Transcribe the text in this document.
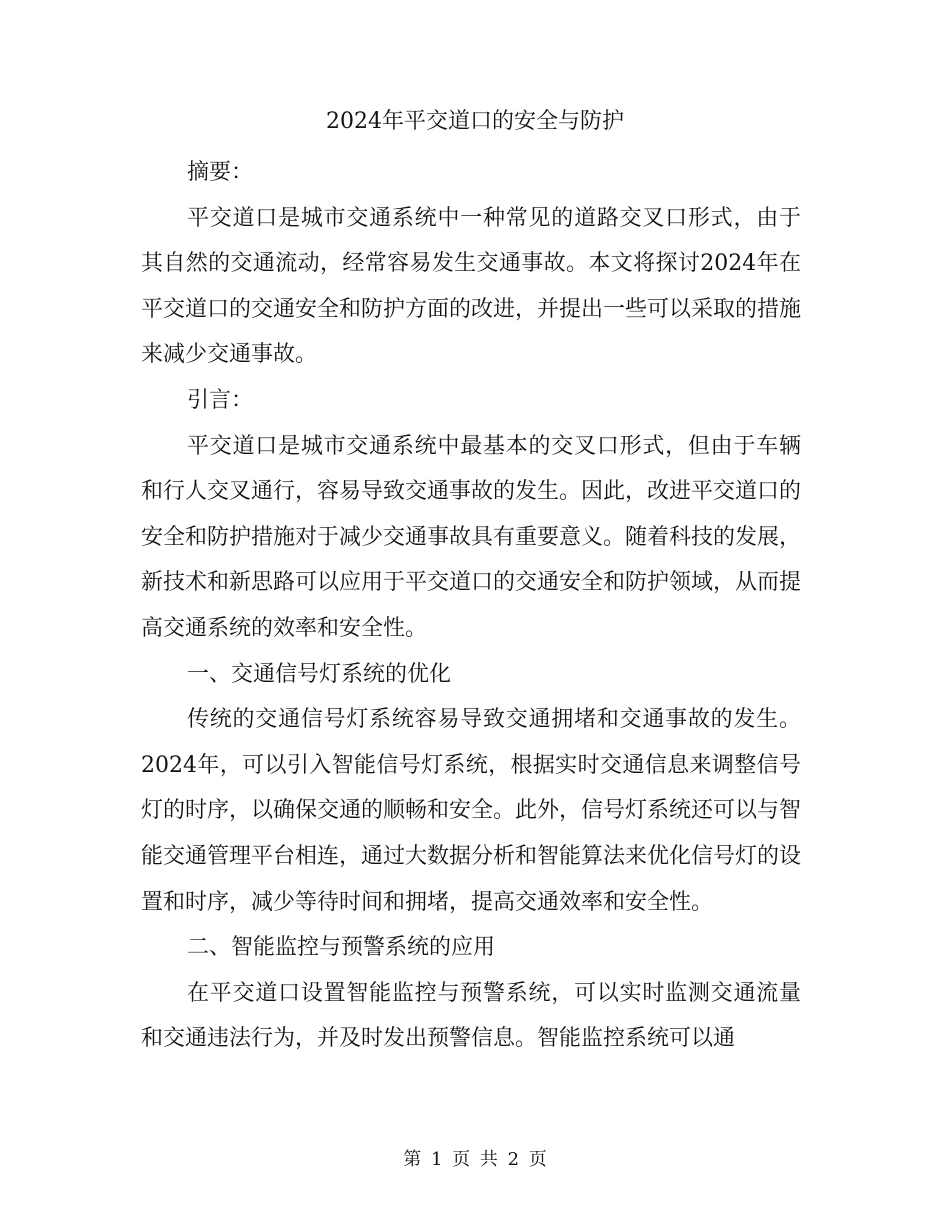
2024年平交道口的安全与防护

摘要：

平交道口是城市交通系统中一种常见的道路交叉口形式，由于其自然的交通流动，经常容易发生交通事故。本文将探讨2024年在平交道口的交通安全和防护方面的改进，并提出一些可以采取的措施来减少交通事故。

引言：

平交道口是城市交通系统中最基本的交叉口形式，但由于车辆和行人交叉通行，容易导致交通事故的发生。因此，改进平交道口的安全和防护措施对于减少交通事故具有重要意义。随着科技的发展，新技术和新思路可以应用于平交道口的交通安全和防护领域，从而提高交通系统的效率和安全性。

一、交通信号灯系统的优化

传统的交通信号灯系统容易导致交通拥堵和交通事故的发生。2024年，可以引入智能信号灯系统，根据实时交通信息来调整信号灯的时序，以确保交通的顺畅和安全。此外，信号灯系统还可以与智能交通管理平台相连，通过大数据分析和智能算法来优化信号灯的设置和时序，减少等待时间和拥堵，提高交通效率和安全性。

二、智能监控与预警系统的应用

在平交道口设置智能监控与预警系统，可以实时监测交通流量和交通违法行为，并及时发出预警信息。智能监控系统可以通

第 1 页 共 2 页
